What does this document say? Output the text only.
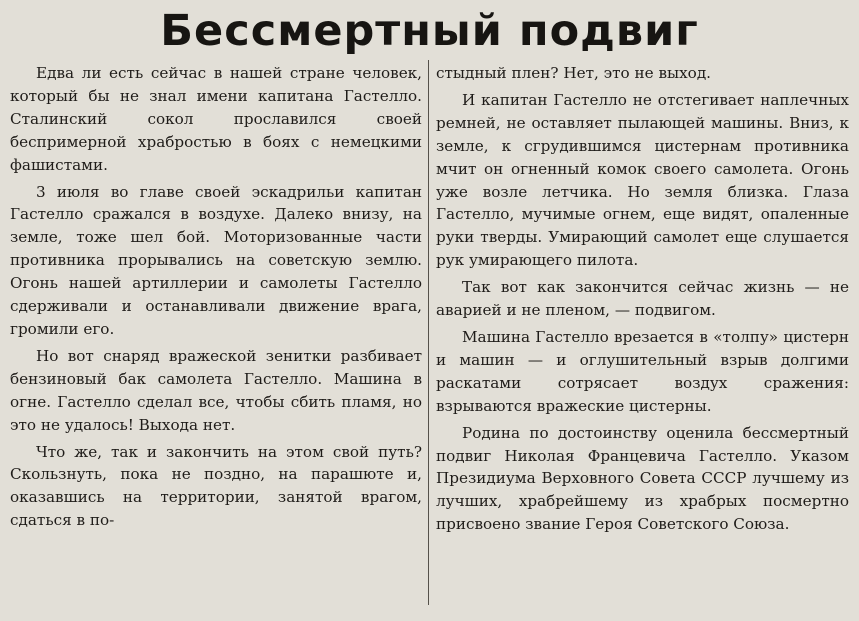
Бессмертный подвиг

Едва ли есть сейчас в нашей стране человек, который бы не знал имени капитана Гастелло. Сталинский сокол прославился своей беспримерной храбростью в боях с немецкими фашистами.

3 июля во главе своей эскадрильи капитан Гастелло сражался в воздухе. Далеко внизу, на земле, тоже шел бой. Моторизованные части противника прорывались на советскую землю. Огонь нашей артиллерии и самолеты Гастелло сдерживали и останавливали движение врага, громили его.

Но вот снаряд вражеской зенитки разбивает бензиновый бак самолета Гастелло. Машина в огне. Гастелло сделал все, чтобы сбить пламя, но это не удалось! Выхода нет.

Что же, так и закончить на этом свой путь? Скользнуть, пока не поздно, на парашюте и, оказавшись на территории, занятой врагом, сдаться в по-

стыдный плен? Нет, это не выход.

И капитан Гастелло не отстегивает наплечных ремней, не оставляет пылающей машины. Вниз, к земле, к сгрудившимся цистернам противника мчит он огненный комок своего самолета. Огонь уже возле летчика. Но земля близка. Глаза Гастелло, мучимые огнем, еще видят, опаленные руки тверды. Умирающий самолет еще слушается рук умирающего пилота.

Так вот как закончится сейчас жизнь — не аварией и не пленом, — подвигом.

Машина Гастелло врезается в «толпу» цистерн и машин — и оглушительный взрыв долгими раскатами сотрясает воздух сражения: взрываются вражеские цистерны.

Родина по достоинству оценила бессмертный подвиг Николая Францевича Гастелло. Указом Президиума Верховного Совета СССР лучшему из лучших, храбрейшему из храбрых посмертно присвоено звание Героя Советского Союза.
